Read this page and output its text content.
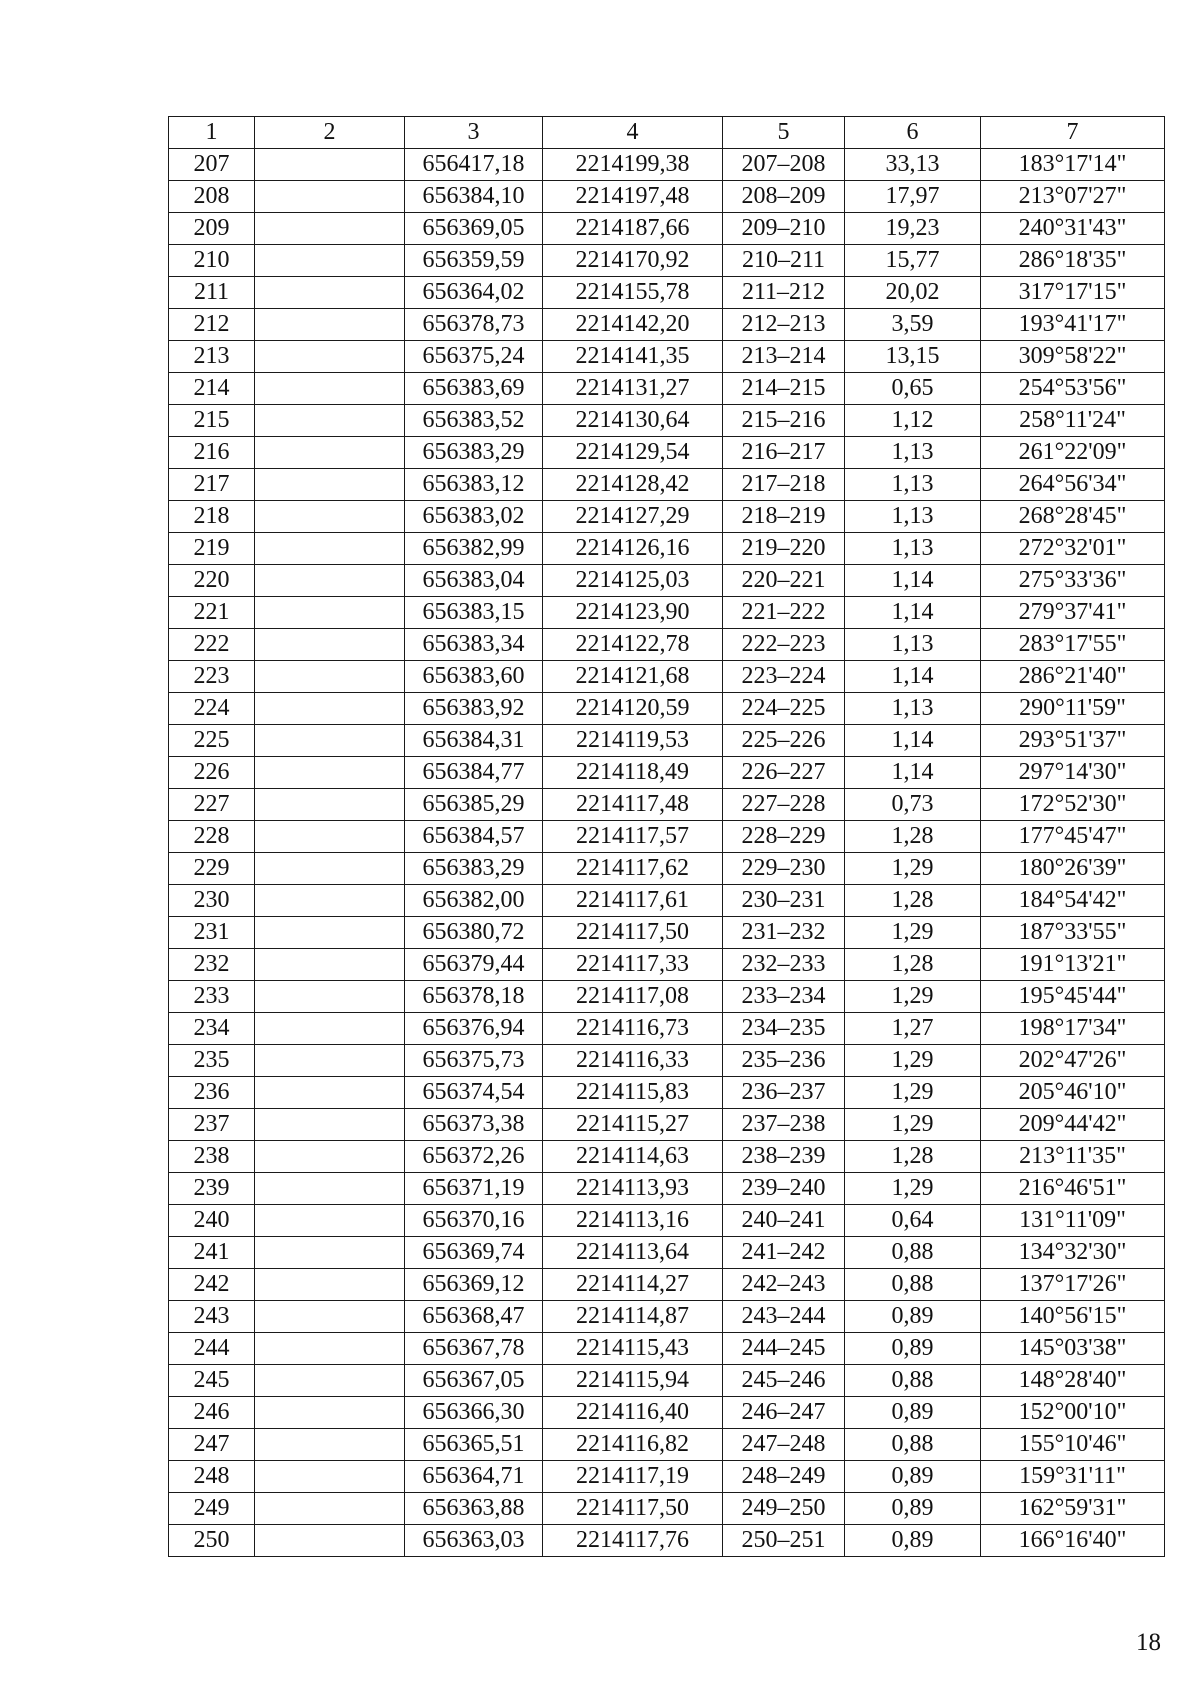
1	2	3	4	5	6	7
207		656417,18	2214199,38	207–208	33,13	183°17'14"
208		656384,10	2214197,48	208–209	17,97	213°07'27"
209		656369,05	2214187,66	209–210	19,23	240°31'43"
210		656359,59	2214170,92	210–211	15,77	286°18'35"
211		656364,02	2214155,78	211–212	20,02	317°17'15"
212		656378,73	2214142,20	212–213	3,59	193°41'17"
213		656375,24	2214141,35	213–214	13,15	309°58'22"
214		656383,69	2214131,27	214–215	0,65	254°53'56"
215		656383,52	2214130,64	215–216	1,12	258°11'24"
216		656383,29	2214129,54	216–217	1,13	261°22'09"
217		656383,12	2214128,42	217–218	1,13	264°56'34"
218		656383,02	2214127,29	218–219	1,13	268°28'45"
219		656382,99	2214126,16	219–220	1,13	272°32'01"
220		656383,04	2214125,03	220–221	1,14	275°33'36"
221		656383,15	2214123,90	221–222	1,14	279°37'41"
222		656383,34	2214122,78	222–223	1,13	283°17'55"
223		656383,60	2214121,68	223–224	1,14	286°21'40"
224		656383,92	2214120,59	224–225	1,13	290°11'59"
225		656384,31	2214119,53	225–226	1,14	293°51'37"
226		656384,77	2214118,49	226–227	1,14	297°14'30"
227		656385,29	2214117,48	227–228	0,73	172°52'30"
228		656384,57	2214117,57	228–229	1,28	177°45'47"
229		656383,29	2214117,62	229–230	1,29	180°26'39"
230		656382,00	2214117,61	230–231	1,28	184°54'42"
231		656380,72	2214117,50	231–232	1,29	187°33'55"
232		656379,44	2214117,33	232–233	1,28	191°13'21"
233		656378,18	2214117,08	233–234	1,29	195°45'44"
234		656376,94	2214116,73	234–235	1,27	198°17'34"
235		656375,73	2214116,33	235–236	1,29	202°47'26"
236		656374,54	2214115,83	236–237	1,29	205°46'10"
237		656373,38	2214115,27	237–238	1,29	209°44'42"
238		656372,26	2214114,63	238–239	1,28	213°11'35"
239		656371,19	2214113,93	239–240	1,29	216°46'51"
240		656370,16	2214113,16	240–241	0,64	131°11'09"
241		656369,74	2214113,64	241–242	0,88	134°32'30"
242		656369,12	2214114,27	242–243	0,88	137°17'26"
243		656368,47	2214114,87	243–244	0,89	140°56'15"
244		656367,78	2214115,43	244–245	0,89	145°03'38"
245		656367,05	2214115,94	245–246	0,88	148°28'40"
246		656366,30	2214116,40	246–247	0,89	152°00'10"
247		656365,51	2214116,82	247–248	0,88	155°10'46"
248		656364,71	2214117,19	248–249	0,89	159°31'11"
249		656363,88	2214117,50	249–250	0,89	162°59'31"
250		656363,03	2214117,76	250–251	0,89	166°16'40"
18
